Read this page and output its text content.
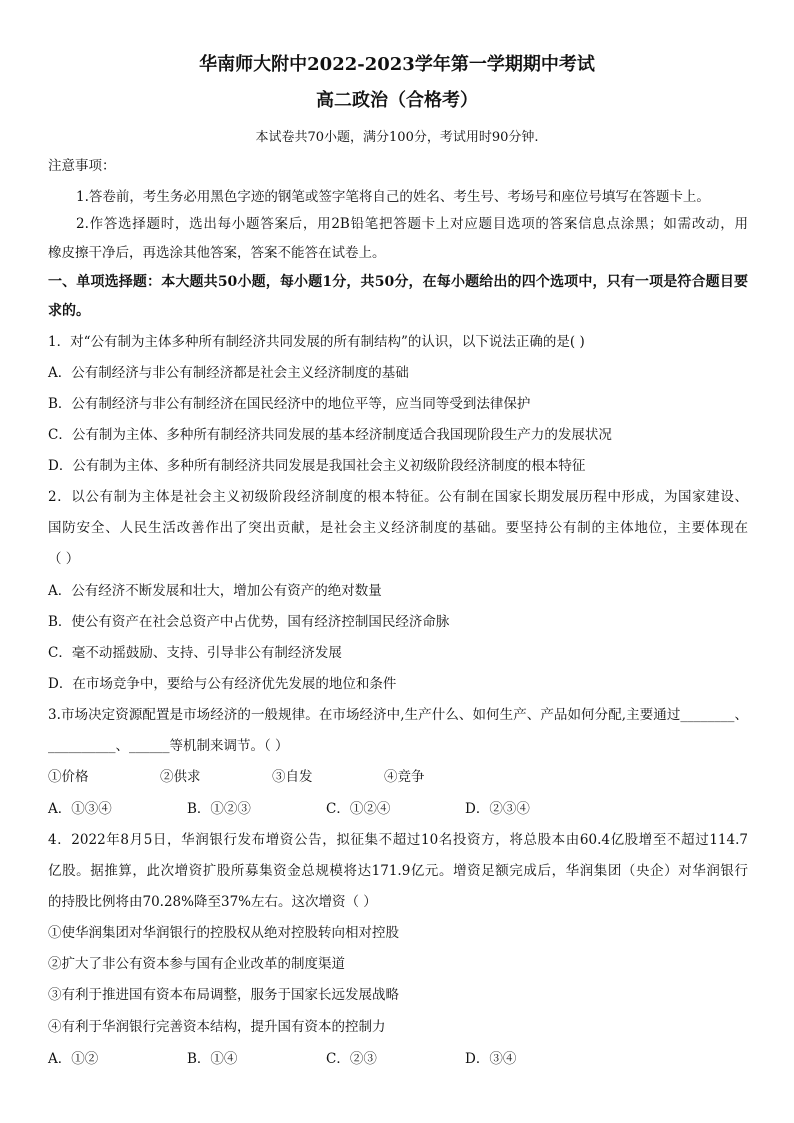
华南师大附中2022-2023学年第一学期期中考试
高二政治（合格考）
本试卷共70小题，满分100分，考试用时90分钟.
注意事项：
1.答卷前，考生务必用黑色字迹的钢笔或签字笔将自己的姓名、考生号、考场号和座位号填写在答题卡上。
2.作答选择题时，选出每小题答案后，用2B铅笔把答题卡上对应题目选项的答案信息点涂黑；如需改动，用
橡皮擦干净后，再选涂其他答案，答案不能答在试卷上。
一、单项选择题：本大题共50小题，每小题1分，共50分，在每小题给出的四个选项中，只有一项是符合题目要
求的。
1．对“公有制为主体多种所有制经济共同发展的所有制结构”的认识，以下说法正确的是( )
A．公有制经济与非公有制经济都是社会主义经济制度的基础
B．公有制经济与非公有制经济在国民经济中的地位平等，应当同等受到法律保护
C．公有制为主体、多种所有制经济共同发展的基本经济制度适合我国现阶段生产力的发展状况
D．公有制为主体、多种所有制经济共同发展是我国社会主义初级阶段经济制度的根本特征
2．以公有制为主体是社会主义初级阶段经济制度的根本特征。公有制在国家长期发展历程中形成，为国家建设、
国防安全、人民生活改善作出了突出贡献，是社会主义经济制度的基础。要坚持公有制的主体地位，主要体现在
（ ）
A．公有经济不断发展和壮大，增加公有资产的绝对数量
B．使公有资产在社会总资产中占优势，国有经济控制国民经济命脉
C．毫不动摇鼓励、支持、引导非公有制经济发展
D．在市场竞争中，要给与公有经济优先发展的地位和条件
3.市场决定资源配置是市场经济的一般规律。在市场经济中,生产什么、如何生产、产品如何分配,主要通过________、
__________、______等机制来调节。（ ）
①价格	②供求	③自发	④竞争
A．①③④	B．①②③	C．①②④	D．②③④
4．2022年8月5日，华润银行发布增资公告，拟征集不超过10名投资方，将总股本由60.4亿股增至不超过114.7
亿股。据推算，此次增资扩股所募集资金总规模将达171.9亿元。增资足额完成后，华润集团（央企）对华润银行
的持股比例将由70.28%降至37%左右。这次增资（ ）
①使华润集团对华润银行的控股权从绝对控股转向相对控股
②扩大了非公有资本参与国有企业改革的制度渠道
③有利于推进国有资本布局调整，服务于国家长远发展战略
④有利于华润银行完善资本结构，提升国有资本的控制力
A．①②	B．①④	C．②③	D．③④
